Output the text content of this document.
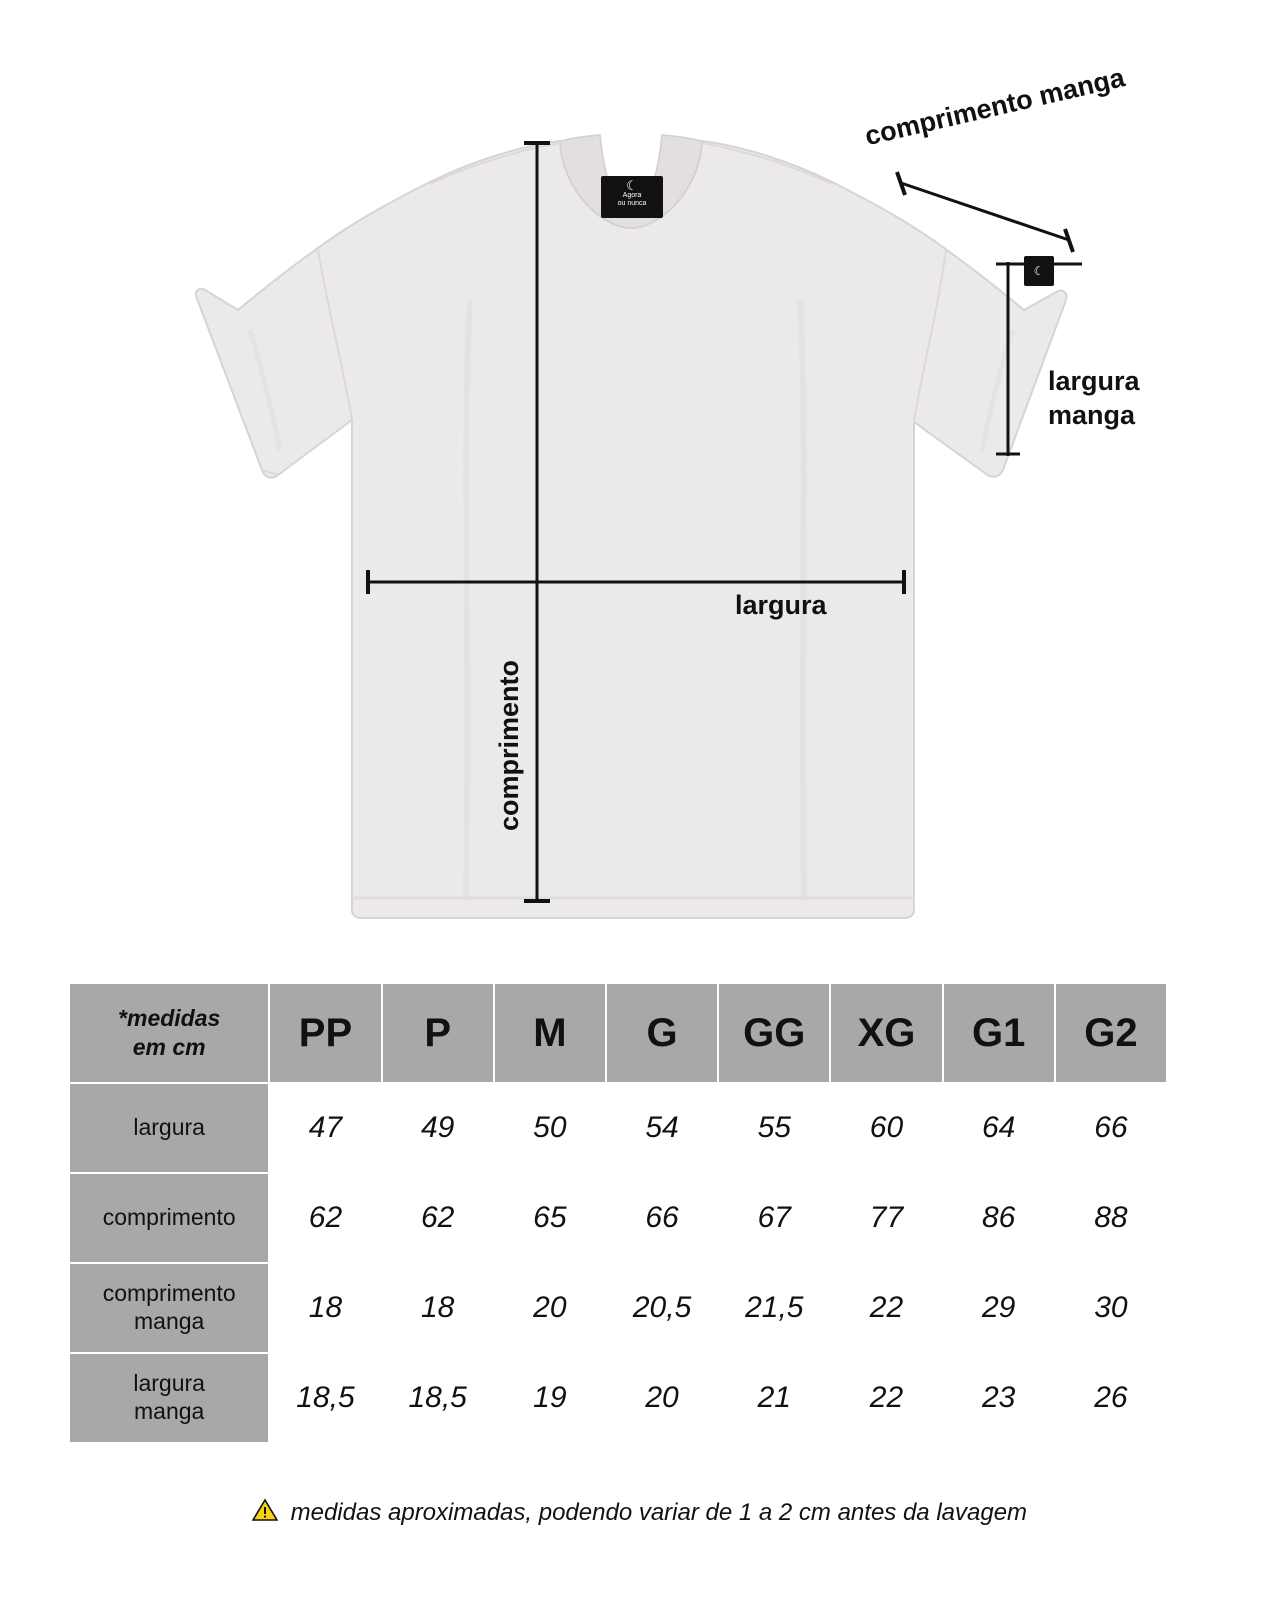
☾
Agora
ou nunca
☾
comprimento manga
largura
manga
largura
comprimento
*medidas
em cm	PP	P	M	G	GG	XG	G1	G2
largura	47	49	50	54	55	60	64	66
comprimento	62	62	65	66	67	77	86	88

comprimento
manga	18	18	20	20,5	21,5	22	29	30

largura
manga	18,5	18,5	19	20	21	22	23	26
medidas aproximadas, podendo variar de 1 a 2 cm antes da lavagem
